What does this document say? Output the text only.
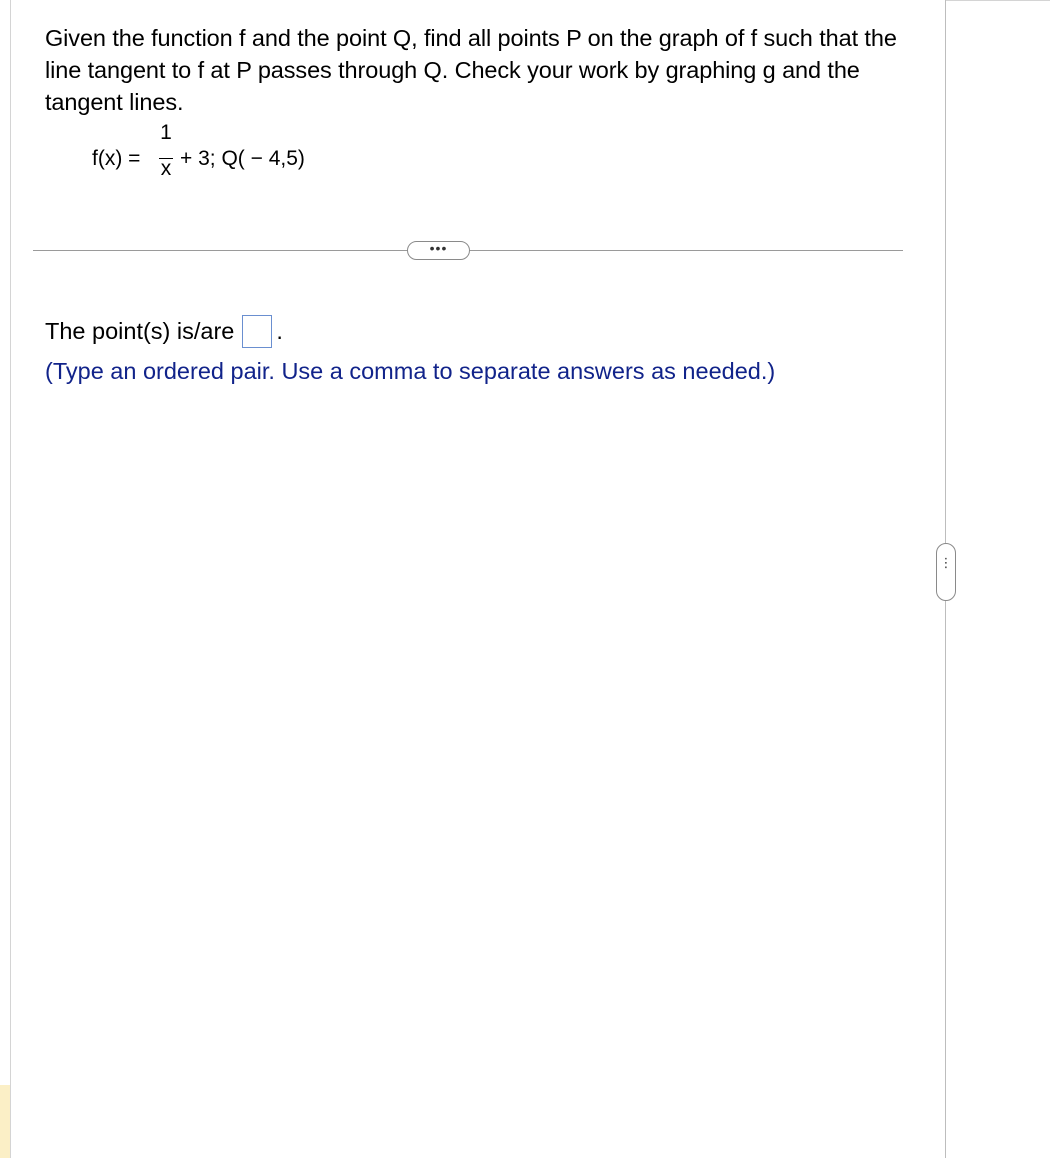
Given the function f and the point Q, find all points P on the graph of f such that the line tangent to f at P passes through Q. Check your work by graphing g and the tangent lines.
f(x) =
1
x + 3; Q( − 4,5)
•••
The point(s) is/are .
(Type an ordered pair. Use a comma to separate answers as needed.)
⋮
